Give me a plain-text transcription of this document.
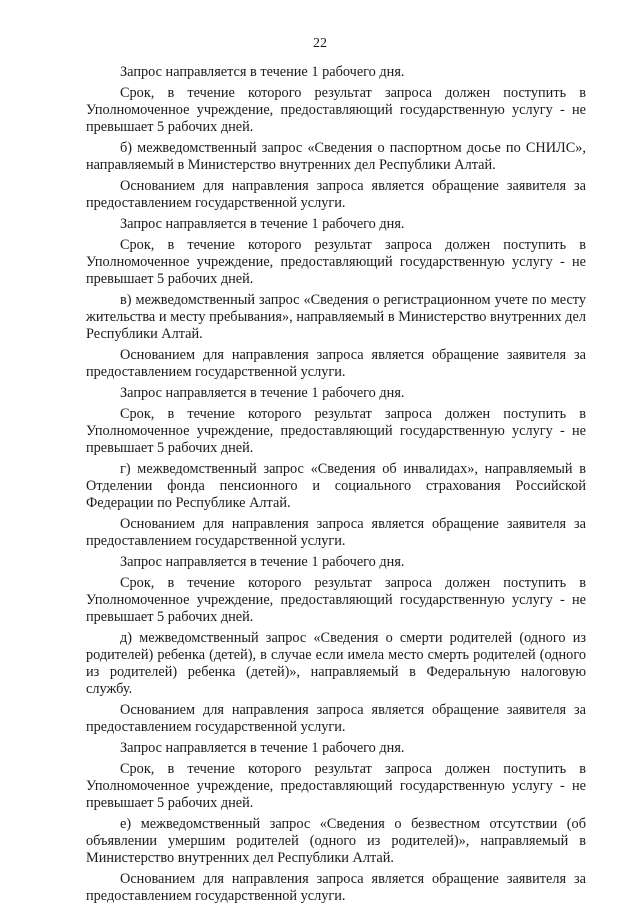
22

Запрос направляется в течение 1 рабочего дня.

Срок, в течение которого результат запроса должен поступить в Уполномоченное учреждение, предоставляющий государственную услугу - не превышает 5 рабочих дней.

б) межведомственный запрос «Сведения о паспортном досье по СНИЛС», направляемый в Министерство внутренних дел Республики Алтай.

Основанием для направления запроса является обращение заявителя за предоставлением государственной услуги.

Запрос направляется в течение 1 рабочего дня.

Срок, в течение которого результат запроса должен поступить в Уполномоченное учреждение, предоставляющий государственную услугу - не превышает 5 рабочих дней.

в) межведомственный запрос «Сведения о регистрационном учете по месту жительства и месту пребывания», направляемый в Министерство внутренних дел Республики Алтай.

Основанием для направления запроса является обращение заявителя за предоставлением государственной услуги.

Запрос направляется в течение 1 рабочего дня.

Срок, в течение которого результат запроса должен поступить в Уполномоченное учреждение, предоставляющий государственную услугу - не превышает 5 рабочих дней.

г) межведомственный запрос «Сведения об инвалидах», направляемый в Отделении фонда пенсионного и социального страхования Российской Федерации по Республике Алтай.

Основанием для направления запроса является обращение заявителя за предоставлением государственной услуги.

Запрос направляется в течение 1 рабочего дня.

Срок, в течение которого результат запроса должен поступить в Уполномоченное учреждение, предоставляющий государственную услугу - не превышает 5 рабочих дней.

д) межведомственный запрос «Сведения о смерти родителей (одного из родителей) ребенка (детей), в случае если имела место смерть родителей (одного из родителей) ребенка (детей)», направляемый в Федеральную налоговую службу.

Основанием для направления запроса является обращение заявителя за предоставлением государственной услуги.

Запрос направляется в течение 1 рабочего дня.

Срок, в течение которого результат запроса должен поступить в Уполномоченное учреждение, предоставляющий государственную услугу - не превышает 5 рабочих дней.

е) межведомственный запрос «Сведения о безвестном отсутствии (об объявлении умершим родителей (одного из родителей)», направляемый в Министерство внутренних дел Республики Алтай.

Основанием для направления запроса является обращение заявителя за предоставлением государственной услуги.
